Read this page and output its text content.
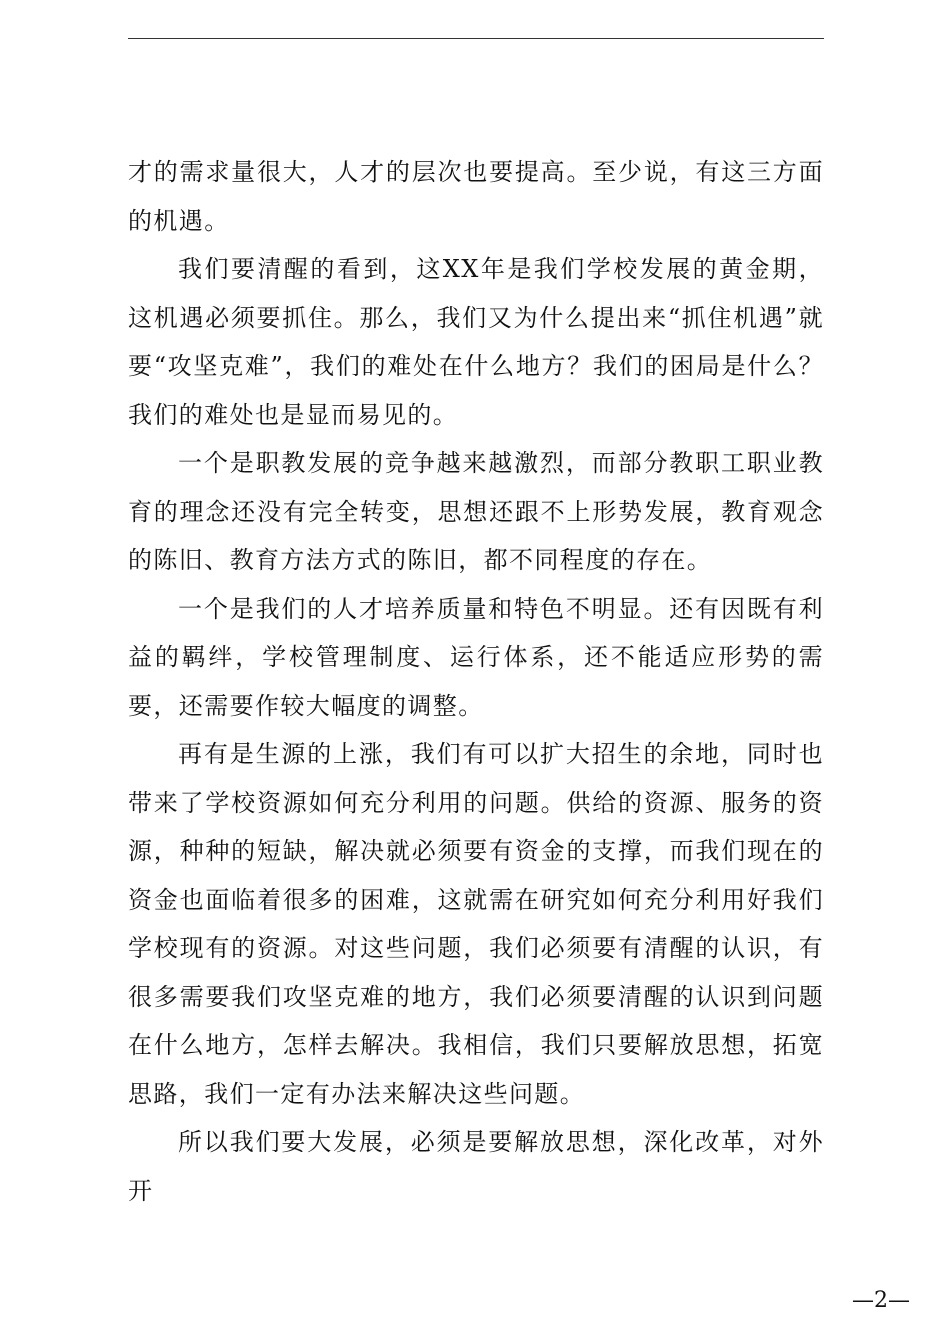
才的需求量很大，人才的层次也要提高。至少说，有这三方面的机遇。

我们要清醒的看到，这XX年是我们学校发展的黄金期，这机遇必须要抓住。那么，我们又为什么提出来“抓住机遇”就要“攻坚克难”，我们的难处在什么地方？我们的困局是什么？我们的难处也是显而易见的。

一个是职教发展的竞争越来越激烈，而部分教职工职业教育的理念还没有完全转变，思想还跟不上形势发展，教育观念的陈旧、教育方法方式的陈旧，都不同程度的存在。

一个是我们的人才培养质量和特色不明显。还有因既有利益的羁绊，学校管理制度、运行体系，还不能适应形势的需要，还需要作较大幅度的调整。

再有是生源的上涨，我们有可以扩大招生的余地，同时也带来了学校资源如何充分利用的问题。供给的资源、服务的资源，种种的短缺，解决就必须要有资金的支撑，而我们现在的资金也面临着很多的困难，这就需在研究如何充分利用好我们学校现有的资源。对这些问题，我们必须要有清醒的认识，有很多需要我们攻坚克难的地方，我们必须要清醒的认识到问题在什么地方，怎样去解决。我相信，我们只要解放思想，拓宽思路，我们一定有办法来解决这些问题。

所以我们要大发展，必须是要解放思想，深化改革，对外开

—2—
